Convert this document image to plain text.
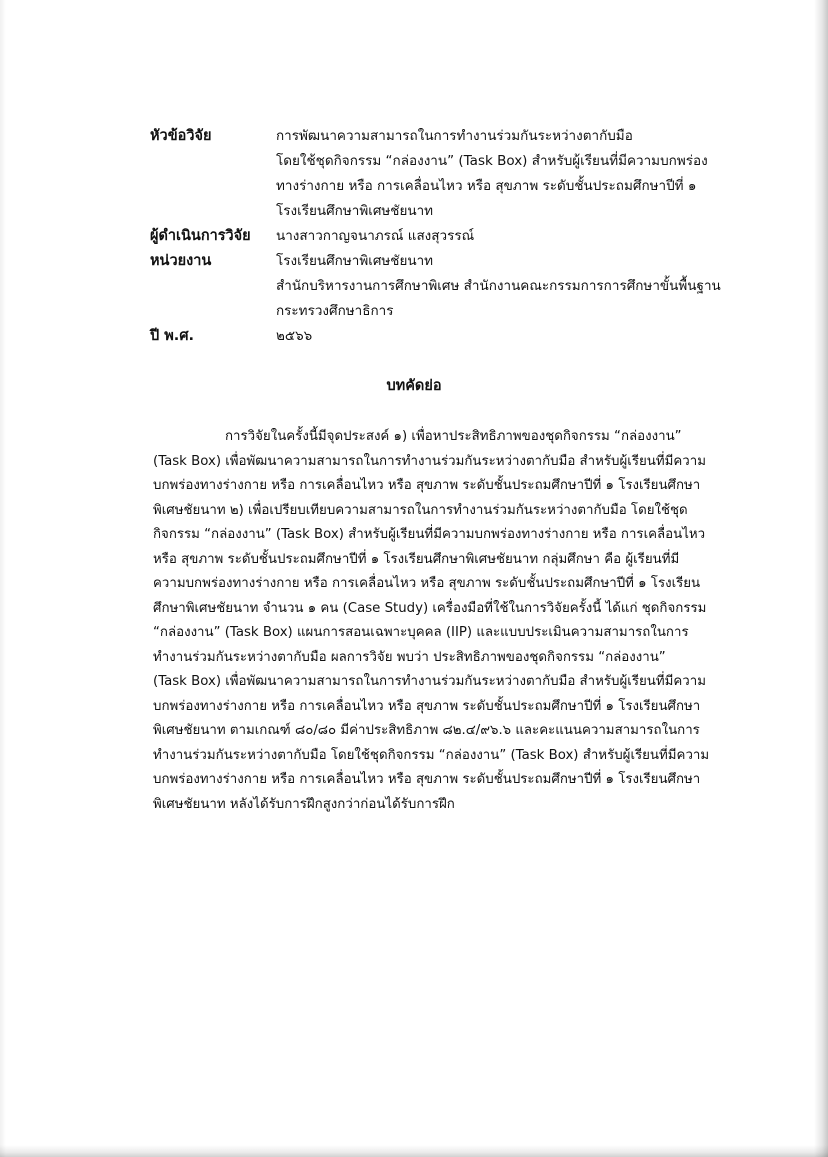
หัวข้อวิจัย	การพัฒนาความสามารถในการทำงานร่วมกันระหว่างตากับมือ
โดยใช้ชุดกิจกรรม “กล่องงาน” (Task Box) สำหรับผู้เรียนที่มีความบกพร่อง
ทางร่างกาย หรือ การเคลื่อนไหว หรือ สุขภาพ ระดับชั้นประถมศึกษาปีที่ ๑
โรงเรียนศึกษาพิเศษชัยนาท
ผู้ดำเนินการวิจัย	นางสาวกาญจนาภรณ์ แสงสุวรรณ์
หน่วยงาน	โรงเรียนศึกษาพิเศษชัยนาท
สำนักบริหารงานการศึกษาพิเศษ สำนักงานคณะกรรมการการศึกษาขั้นพื้นฐาน
กระทรวงศึกษาธิการ
ปี พ.ศ.	๒๕๖๖
บทคัดย่อ
การวิจัยในครั้งนี้มีจุดประสงค์ ๑) เพื่อหาประสิทธิภาพของชุดกิจกรรม “กล่องงาน”
(Task Box) เพื่อพัฒนาความสามารถในการทำงานร่วมกันระหว่างตากับมือ สำหรับผู้เรียนที่มีความ
บกพร่องทางร่างกาย หรือ การเคลื่อนไหว หรือ สุขภาพ ระดับชั้นประถมศึกษาปีที่ ๑ โรงเรียนศึกษา
พิเศษชัยนาท ๒) เพื่อเปรียบเทียบความสามารถในการทำงานร่วมกันระหว่างตากับมือ โดยใช้ชุด
กิจกรรม “กล่องงาน” (Task Box) สำหรับผู้เรียนที่มีความบกพร่องทางร่างกาย หรือ การเคลื่อนไหว
หรือ สุขภาพ ระดับชั้นประถมศึกษาปีที่ ๑ โรงเรียนศึกษาพิเศษชัยนาท กลุ่มศึกษา คือ ผู้เรียนที่มี
ความบกพร่องทางร่างกาย หรือ การเคลื่อนไหว หรือ สุขภาพ ระดับชั้นประถมศึกษาปีที่ ๑ โรงเรียน
ศึกษาพิเศษชัยนาท จำนวน ๑ คน (Case Study) เครื่องมือที่ใช้ในการวิจัยครั้งนี้ ได้แก่ ชุดกิจกรรม
“กล่องงาน” (Task Box) แผนการสอนเฉพาะบุคคล (IIP) และแบบประเมินความสามารถในการ
ทำงานร่วมกันระหว่างตากับมือ ผลการวิจัย พบว่า ประสิทธิภาพของชุดกิจกรรม “กล่องงาน”
(Task Box) เพื่อพัฒนาความสามารถในการทำงานร่วมกันระหว่างตากับมือ สำหรับผู้เรียนที่มีความ
บกพร่องทางร่างกาย หรือ การเคลื่อนไหว หรือ สุขภาพ ระดับชั้นประถมศึกษาปีที่ ๑ โรงเรียนศึกษา
พิเศษชัยนาท ตามเกณฑ์ ๘๐/๘๐ มีค่าประสิทธิภาพ ๘๒.๔/๙๖.๖ และคะแนนความสามารถในการ
ทำงานร่วมกันระหว่างตากับมือ โดยใช้ชุดกิจกรรม “กล่องงาน” (Task Box) สำหรับผู้เรียนที่มีความ
บกพร่องทางร่างกาย หรือ การเคลื่อนไหว หรือ สุขภาพ ระดับชั้นประถมศึกษาปีที่ ๑ โรงเรียนศึกษา
พิเศษชัยนาท หลังได้รับการฝึกสูงกว่าก่อนได้รับการฝึก
